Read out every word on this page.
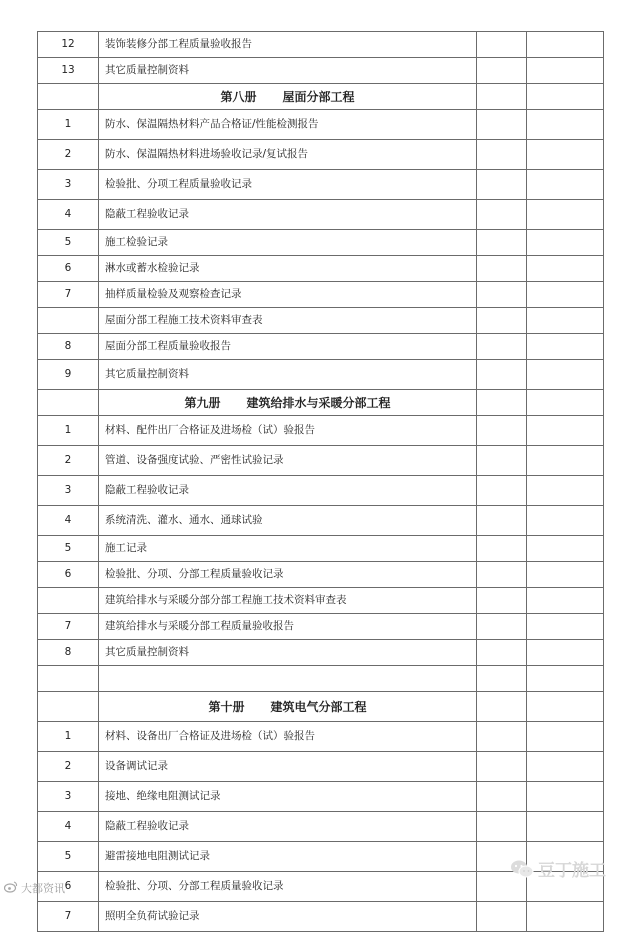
12	装饰装修分部工程质量验收报告		
13	其它质量控制资料		
	第八册 屋面分部工程		
1	防水、保温隔热材料产品合格证/性能检测报告		
2	防水、保温隔热材料进场验收记录/复试报告		
3	检验批、分项工程质量验收记录		
4	隐蔽工程验收记录		
5	施工检验记录		
6	淋水或蓄水检验记录		
7	抽样质量检验及观察检查记录		
	屋面分部工程施工技术资料审查表		
8	屋面分部工程质量验收报告		
9	其它质量控制资料		
	第九册 建筑给排水与采暖分部工程		
1	材料、配件出厂合格证及进场检（试）验报告		
2	管道、设备强度试验、严密性试验记录		
3	隐蔽工程验收记录		
4	系统清洗、灌水、通水、通球试验		
5	施工记录		
6	检验批、分项、分部工程质量验收记录		
	建筑给排水与采暖分部分部工程施工技术资料审查表		
7	建筑给排水与采暖分部工程质量验收报告		
8	其它质量控制资料		

	第十册 建筑电气分部工程		
1	材料、设备出厂合格证及进场检（试）验报告		
2	设备调试记录		
3	接地、绝缘电阻测试记录		
4	隐蔽工程验收记录		
5	避雷接地电阻测试记录		
6	检验批、分项、分部工程质量验收记录		
7	照明全负荷试验记录		
大都资讯
豆丁施工
